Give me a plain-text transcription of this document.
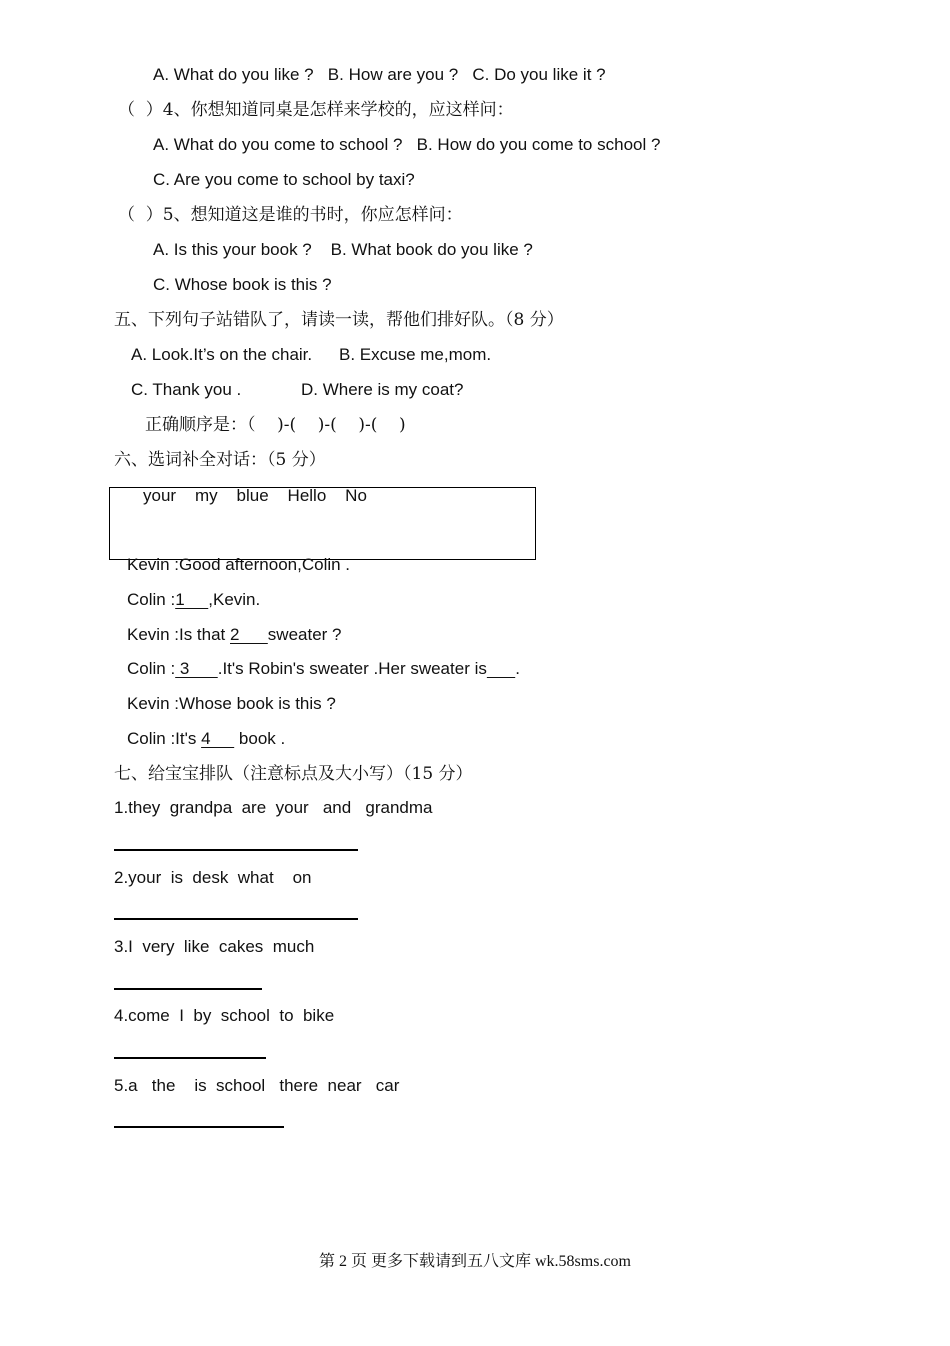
A. What do you like ?   B. How are you ?   C. Do you like it ?
（  ）4、你想知道同桌是怎样来学校的，应这样问：
A. What do you come to school ?   B. How do you come to school ?
C. Are you come to school by taxi?
（  ）5、想知道这是谁的书时，你应怎样问：
A. Is this your book ?    B. What book do you like ?
C. Whose book is this ?
五、下列句子站错队了，请读一读，帮他们排好队。（8 分）
A. Look.It’s on the chair. B. Excuse me,mom.
C. Thank you .	D. Where is my coat?
正确顺序是：（    )-(    )-(    )-(    )
六、选词补全对话：（5 分）
your    my    blue    Hello    No
Kevin :Good afternoon,Colin .
Colin :1     ,Kevin.
Kevin :Is that 2      sweater ?
Colin : 3      .It's Robin's sweater .Her sweater is .
Kevin :Whose book is this ?
Colin :It's 4      book .
七、给宝宝排队（注意标点及大小写）（15 分）
1.they  grandpa  are  your   and   grandma
2.your  is  desk  what    on
3.I  very  like  cakes  much
4.come  I  by  school  to  bike
5.a   the    is  school   there  near   car
第 2 页 更多下载请到五八文库 wk.58sms.com
